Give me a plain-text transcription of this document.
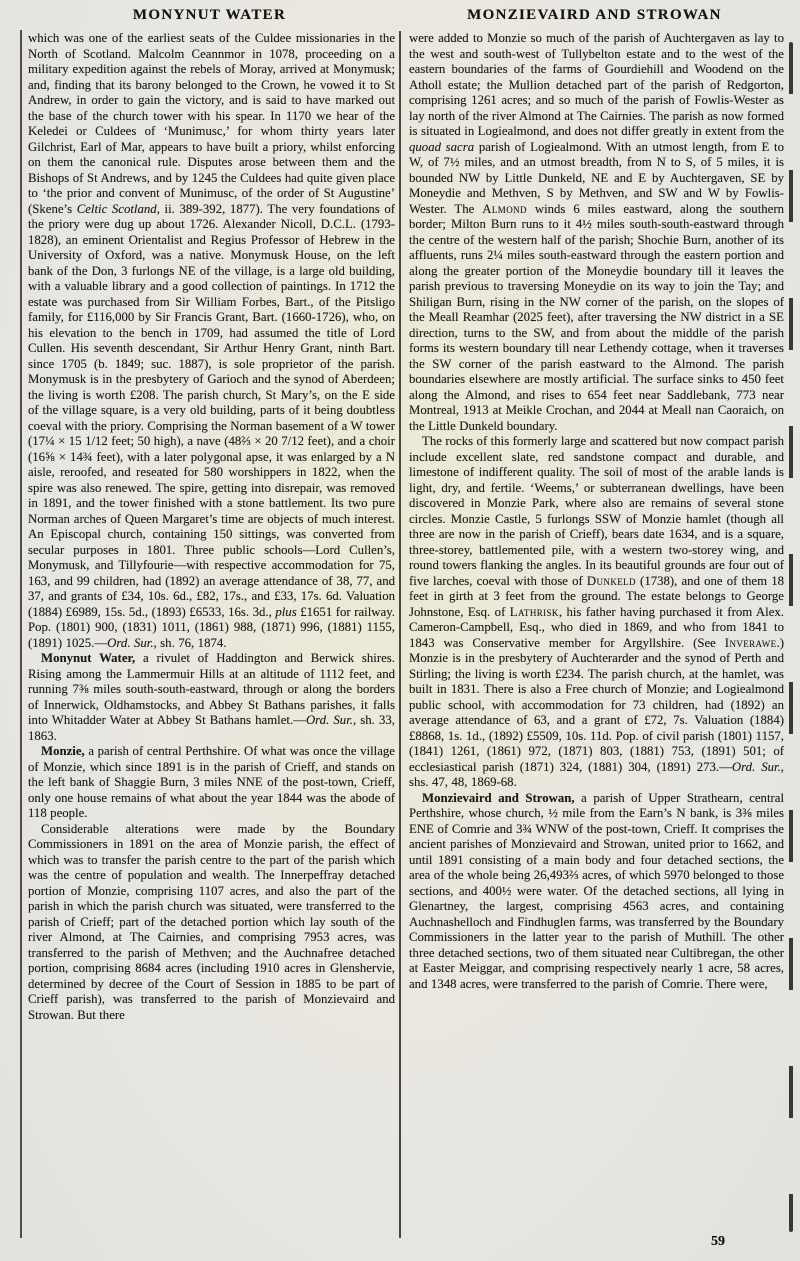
MONYNUT WATER	MONZIEVAIRD AND STROWAN

which was one of the earliest seats of the Culdee missionaries in the North of Scotland. Malcolm Ceannmor in 1078, proceeding on a military expedition against the rebels of Moray, arrived at Monymusk; and, finding that its barony belonged to the Crown, he vowed it to St Andrew, in order to gain the victory, and is said to have marked out the base of the church tower with his spear. In 1170 we hear of the Keledei or Culdees of ‘Munimusc,’ for whom thirty years later Gilchrist, Earl of Mar, appears to have built a priory, whilst enforcing on them the canonical rule. Disputes arose between them and the Bishops of St Andrews, and by 1245 the Culdees had quite given place to ‘the prior and convent of Munimusc, of the order of St Augustine’ (Skene’s Celtic Scotland, ii. 389-392, 1877). The very foundations of the priory were dug up about 1726. Alexander Nicoll, D.C.L. (1793-1828), an eminent Orientalist and Regius Professor of Hebrew in the University of Oxford, was a native. Monymusk House, on the left bank of the Don, 3 furlongs NE of the village, is a large old building, with a valuable library and a good collection of paintings. In 1712 the estate was purchased from Sir William Forbes, Bart., of the Pitsligo family, for £116,000 by Sir Francis Grant, Bart. (1660-1726), who, on his elevation to the bench in 1709, had assumed the title of Lord Cullen. His seventh descendant, Sir Arthur Henry Grant, ninth Bart. since 1705 (b. 1849; suc. 1887), is sole proprietor of the parish. Monymusk is in the presbytery of Garioch and the synod of Aberdeen; the living is worth £208. The parish church, St Mary’s, on the E side of the village square, is a very old building, parts of it being doubtless coeval with the priory. Comprising the Norman basement of a W tower (17¼ × 15 1/12 feet; 50 high), a nave (48⅔ × 20 7/12 feet), and a choir (16⅝ × 14¾ feet), with a later polygonal apse, it was enlarged by a N aisle, reroofed, and reseated for 580 worshippers in 1822, when the spire was also renewed. The spire, getting into disrepair, was removed in 1891, and the tower finished with a stone battlement. Its two pure Norman arches of Queen Margaret’s time are objects of much interest. An Episcopal church, containing 150 sittings, was converted from secular purposes in 1801. Three public schools—Lord Cullen’s, Monymusk, and Tillyfourie—with respective accommodation for 75, 163, and 99 children, had (1892) an average attendance of 38, 77, and 37, and grants of £34, 10s. 6d., £82, 17s., and £33, 17s. 6d. Valuation (1884) £6989, 15s. 5d., (1893) £6533, 16s. 3d., plus £1651 for railway. Pop. (1801) 900, (1831) 1011, (1861) 988, (1871) 996, (1881) 1155, (1891) 1025.—Ord. Sur., sh. 76, 1874.

Monynut Water, a rivulet of Haddington and Berwick shires. Rising among the Lammermuir Hills at an altitude of 1112 feet, and running 7⅜ miles south-south-eastward, through or along the borders of Innerwick, Oldhamstocks, and Abbey St Bathans parishes, it falls into Whitadder Water at Abbey St Bathans hamlet.—Ord. Sur., sh. 33, 1863.

Monzie, a parish of central Perthshire. Of what was once the village of Monzie, which since 1891 is in the parish of Crieff, and stands on the left bank of Shaggie Burn, 3 miles NNE of the post-town, Crieff, only one house remains of what about the year 1844 was the abode of 118 people.

Considerable alterations were made by the Boundary Commissioners in 1891 on the area of Monzie parish, the effect of which was to transfer the parish centre to the part of the parish which was the centre of population and wealth. The Innerpeffray detached portion of Monzie, comprising 1107 acres, and also the part of the parish in which the parish church was situated, were transferred to the parish of Crieff; part of the detached portion which lay south of the river Almond, at The Cairnies, and comprising 7953 acres, was transferred to the parish of Methven; and the Auchnafree detached portion, comprising 8684 acres (including 1910 acres in Glenshervie, determined by decree of the Court of Session in 1885 to be part of Crieff parish), was transferred to the parish of Monzievaird and Strowan. But there

were added to Monzie so much of the parish of Auchtergaven as lay to the west and south-west of Tullybelton estate and to the west of the eastern boundaries of the farms of Gourdiehill and Woodend on the Atholl estate; the Mullion detached part of the parish of Redgorton, comprising 1261 acres; and so much of the parish of Fowlis-Wester as lay north of the river Almond at The Cairnies. The parish as now formed is situated in Logiealmond, and does not differ greatly in extent from the quoad sacra parish of Logiealmond. With an utmost length, from E to W, of 7½ miles, and an utmost breadth, from N to S, of 5 miles, it is bounded NW by Little Dunkeld, NE and E by Auchtergaven, SE by Moneydie and Methven, S by Methven, and SW and W by Fowlis-Wester. The Almond winds 6 miles eastward, along the southern border; Milton Burn runs to it 4½ miles south-south-eastward through the centre of the western half of the parish; Shochie Burn, another of its affluents, runs 2¼ miles south-eastward through the eastern portion and along the greater portion of the Moneydie boundary till it leaves the parish previous to traversing Moneydie on its way to join the Tay; and Shiligan Burn, rising in the NW corner of the parish, on the slopes of the Meall Reamhar (2025 feet), after traversing the NW district in a SE direction, turns to the SW, and from about the middle of the parish forms its western boundary till near Lethendy cottage, when it traverses the SW corner of the parish eastward to the Almond. The parish boundaries elsewhere are mostly artificial. The surface sinks to 450 feet along the Almond, and rises to 654 feet near Saddlebank, 773 near Montreal, 1913 at Meikle Crochan, and 2044 at Meall nan Caoraich, on the Little Dunkeld boundary.

The rocks of this formerly large and scattered but now compact parish include excellent slate, red sandstone compact and durable, and limestone of indifferent quality. The soil of most of the arable lands is light, dry, and fertile. ‘Weems,’ or subterranean dwellings, have been discovered in Monzie Park, where also are remains of several stone circles. Monzie Castle, 5 furlongs SSW of Monzie hamlet (though all three are now in the parish of Crieff), bears date 1634, and is a square, three-storey, battlemented pile, with a western two-storey wing, and round towers flanking the angles. In its beautiful grounds are four out of five larches, coeval with those of Dunkeld (1738), and one of them 18 feet in girth at 3 feet from the ground. The estate belongs to George Johnstone, Esq. of Lathrisk, his father having purchased it from Alex. Cameron-Campbell, Esq., who died in 1869, and who from 1841 to 1843 was Conservative member for Argyllshire. (See Inverawe.) Monzie is in the presbytery of Auchterarder and the synod of Perth and Stirling; the living is worth £234. The parish church, at the hamlet, was built in 1831. There is also a Free church of Monzie; and Logiealmond public school, with accommodation for 73 children, had (1892) an average attendance of 63, and a grant of £72, 7s. Valuation (1884) £8868, 1s. 1d., (1892) £5509, 10s. 11d. Pop. of civil parish (1801) 1157, (1841) 1261, (1861) 972, (1871) 803, (1881) 753, (1891) 501; of ecclesiastical parish (1871) 324, (1881) 304, (1891) 273.—Ord. Sur., shs. 47, 48, 1869-68.

Monzievaird and Strowan, a parish of Upper Strathearn, central Perthshire, whose church, ½ mile from the Earn’s N bank, is 3⅜ miles ENE of Comrie and 3¾ WNW of the post-town, Crieff. It comprises the ancient parishes of Monzievaird and Strowan, united prior to 1662, and until 1891 consisting of a main body and four detached sections, the area of the whole being 26,493⅔ acres, of which 5970 belonged to those sections, and 400½ were water. Of the detached sections, all lying in Glenartney, the largest, comprising 4563 acres, and containing Auchnashelloch and Findhuglen farms, was transferred by the Boundary Commissioners in the latter year to the parish of Muthill. The other three detached sections, two of them situated near Cultibregan, the other at Easter Meiggar, and comprising respectively nearly 1 acre, 58 acres, and 1348 acres, were transferred to the parish of Comrie. There were,

59
